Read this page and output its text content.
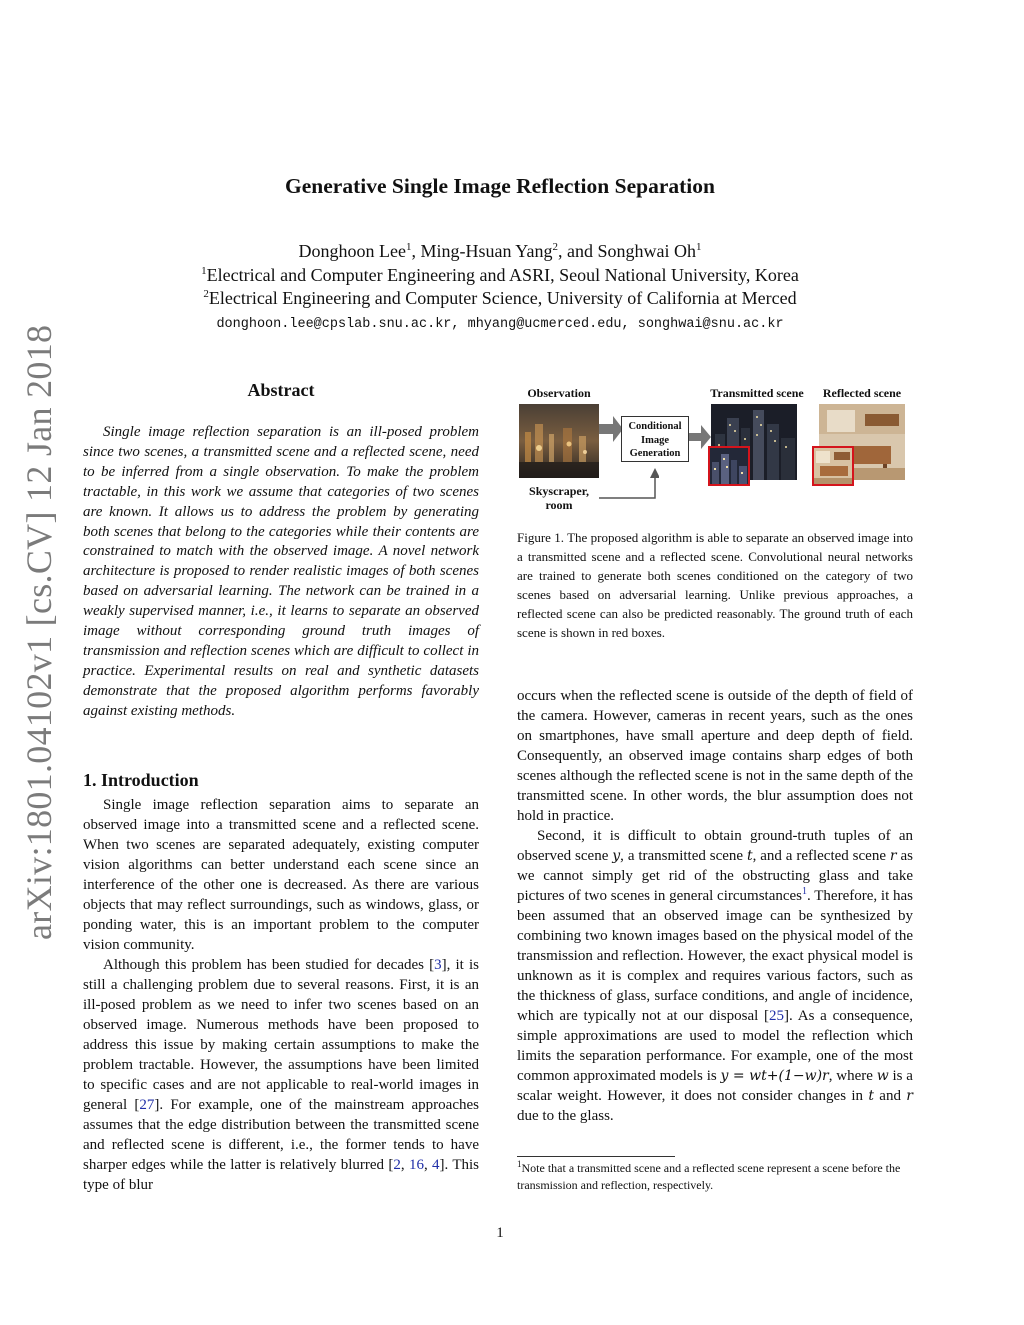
arXiv:1801.04102v1 [cs.CV] 12 Jan 2018
Generative Single Image Reflection Separation
Donghoon Lee$^1$, Ming-Hsuan Yang$^2$, and Songhwai Oh$^1$
$^1$Electrical and Computer Engineering and ASRI, Seoul National University, Korea
$^2$Electrical Engineering and Computer Science, University of California at Merced
donghoon.lee@cpslab.snu.ac.kr, mhyang@ucmerced.edu, songhwai@snu.ac.kr
Abstract

Single image reflection separation is an ill-posed problem since two scenes, a transmitted scene and a reflected scene, need to be inferred from a single observation. To make the problem tractable, in this work we assume that categories of two scenes are known. It allows us to address the problem by generating both scenes that belong to the categories while their contents are constrained to match with the observed image. A novel network architecture is proposed to render realistic images of both scenes based on adversarial learning. The network can be trained in a weakly supervised manner, i.e., it learns to separate an observed image without corresponding ground truth images of transmission and reflection scenes which are difficult to collect in practice. Experimental results on real and synthetic datasets demonstrate that the proposed algorithm performs favorably against existing methods.

1. Introduction

Single image reflection separation aims to separate an observed image into a transmitted scene and a reflected scene. When two scenes are separated adequately, existing computer vision algorithms can better understand each scene since an interference of the other one is decreased. As there are various objects that may reflect surroundings, such as windows, glass, or ponding water, this is an important problem to the computer vision community.

Although this problem has been studied for decades [3], it is still a challenging problem due to several reasons. First, it is an ill-posed problem as we need to infer two scenes based on an observed image. Numerous methods have been proposed to address this issue by making certain assumptions to make the problem tractable. However, the assumptions have been limited to specific cases and are not applicable to real-world images in general [27]. For example, one of the mainstream approaches assumes that the edge distribution between the transmitted scene and reflected scene is different, i.e., the former tends to have sharper edges while the latter is relatively blurred [2, 16, 4]. This type of blur

Observation	Transmitted scene	Reflected scene
Skyscraper, room
Conditional Image Generation

Figure 1. The proposed algorithm is able to separate an observed image into a transmitted scene and a reflected scene. Convolutional neural networks are trained to generate both scenes conditioned on the category of two scenes based on adversarial learning. Unlike previous approaches, a reflected scene can also be predicted reasonably. The ground truth of each scene is shown in red boxes.

occurs when the reflected scene is outside of the depth of field of the camera. However, cameras in recent years, such as the ones on smartphones, have small aperture and deep depth of field. Consequently, an observed image contains sharp edges of both scenes although the reflected scene is not in the same depth of the transmitted scene. In other words, the blur assumption does not hold in practice.

Second, it is difficult to obtain ground-truth tuples of an observed scene y, a transmitted scene t, and a reflected scene r as we cannot simply get rid of the obstructing glass and take pictures of two scenes in general circumstances$^1$. Therefore, it has been assumed that an observed image can be synthesized by combining two known images based on the physical model of the transmission and reflection. However, the exact physical model is unknown as it is complex and requires various factors, such as the thickness of glass, surface conditions, and angle of incidence, which are typically not at our disposal [25]. As a consequence, simple approximations are used to model the reflection which limits the separation performance. For example, one of the most common approximated models is y = wt+(1−w)r, where w is a scalar weight. However, it does not consider changes in t and r due to the glass.

$^1$Note that a transmitted scene and a reflected scene represent a scene before the transmission and reflection, respectively.
1
